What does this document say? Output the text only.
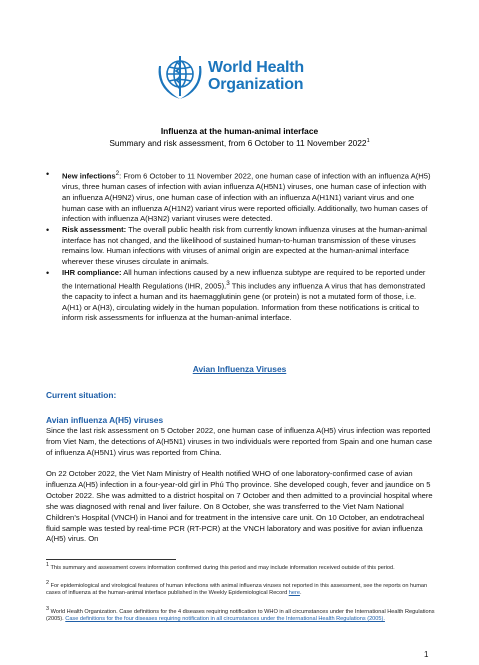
World Health
Organization
Influenza at the human-animal interface
Summary and risk assessment, from 6 October to 11 November 2022$^1$
• New infections$^2$: From 6 October to 11 November 2022, one human case of infection with an influenza A(H5) virus, three human cases of infection with avian influenza A(H5N1) viruses, one human case of infection with an influenza A(H9N2) virus, one human case of infection with an influenza A(H1N1) variant virus and one human case with an influenza A(H1N2) variant virus were reported officially. Additionally, two human cases of infection with influenza A(H3N2) variant viruses were detected.
• Risk assessment: The overall public health risk from currently known influenza viruses at the human-animal interface has not changed, and the likelihood of sustained human-to-human transmission of these viruses remains low. Human infections with viruses of animal origin are expected at the human-animal interface wherever these viruses circulate in animals.
• IHR compliance: All human infections caused by a new influenza subtype are required to be reported under the International Health Regulations (IHR, 2005).$^3$ This includes any influenza A virus that has demonstrated the capacity to infect a human and its haemagglutinin gene (or protein) is not a mutated form of those, i.e. A(H1) or A(H3), circulating widely in the human population. Information from these notifications is critical to inform risk assessments for influenza at the human-animal interface.
Avian Influenza Viruses
Current situation:
Avian influenza A(H5) viruses

Since the last risk assessment on 5 October 2022, one human case of influenza A(H5) virus infection was reported from Viet Nam, the detections of A(H5N1) viruses in two individuals were reported from Spain and one human case of influenza A(H5N1) virus was reported from China.

On 22 October 2022, the Viet Nam Ministry of Health notified WHO of one laboratory-confirmed case of avian influenza A(H5) infection in a four-year-old girl in Phú Thọ province. She developed cough, fever and jaundice on 5 October 2022. She was admitted to a district hospital on 7 October and then admitted to a provincial hospital where she was diagnosed with renal and liver failure. On 8 October, she was transferred to the Viet Nam National Children’s Hospital (VNCH) in Hanoi and for treatment in the intensive care unit. On 10 October, an endotracheal fluid sample was tested by real-time PCR (RT-PCR) at the VNCH laboratory and was positive for avian influenza A(H5) virus. On

$^1$ This summary and assessment covers information confirmed during this period and may include information received outside of this period.

$^2$ For epidemiological and virological features of human infections with animal influenza viruses not reported in this assessment, see the reports on human cases of influenza at the human-animal interface published in the Weekly Epidemiological Record here.

$^3$ World Health Organization. Case definitions for the 4 diseases requiring notification to WHO in all circumstances under the International Health Regulations (2005). Case definitions for the four diseases requiring notification in all circumstances under the International Health Regulations (2005).

1
